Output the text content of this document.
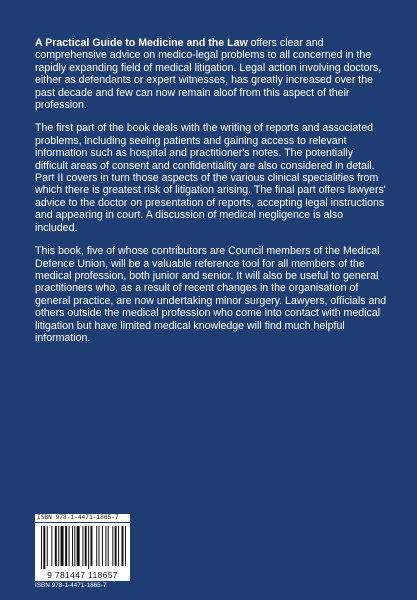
A Practical Guide to Medicine and the Law offers clear and comprehensive advice on medico-legal problems to all concerned in the rapidly expanding field of medical litigation. Legal action involving doctors, either as defendants or expert witnesses, has greatly increased over the past decade and few can now remain aloof from this aspect of their profession.

The first part of the book deals with the writing of reports and associated problems, including seeing patients and gaining access to relevant information such as hospital and practitioner's notes. The potentially difficult areas of consent and confidentiality are also considered in detail. Part II covers in turn those aspects of the various clinical specialities from which there is greatest risk of litigation arising. The final part offers lawyers' advice to the doctor on presentation of reports, accepting legal instructions and appearing in court. A discussion of medical negligence is also included.

This book, five of whose contributors are Council members of the Medical Defence Union, will be a valuable reference tool for all members of the medical profession, both junior and senior. It will also be useful to general practitioners who, as a result of recent changes in the organisation of general practice, are now undertaking minor surgery. Lawyers, officials and others outside the medical profession who come into contact with medical litigation but have limited medical knowledge will find much helpful information.

ISBN 978-1-4471-1865-7
9 781447 118657
ISBN 978-1-4471-1865-7
